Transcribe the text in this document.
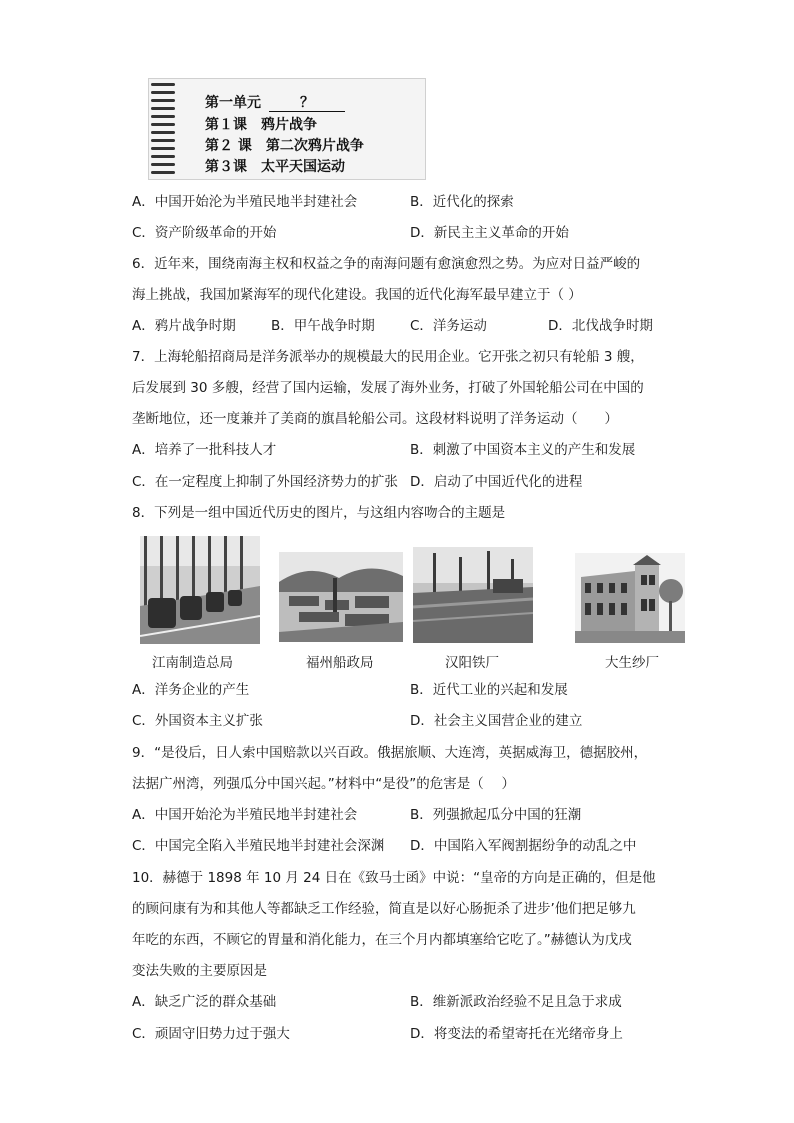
第一单元	？
第１课　鸦片战争
第２ 课　第二次鸦片战争
第３课　太平天国运动
A．中国开始沦为半殖民地半封建社会	B．近代化的探索
C．资产阶级革命的开始	D．新民主主义革命的开始
6．近年来，围绕南海主权和权益之争的南海问题有愈演愈烈之势。为应对日益严峻的
海上挑战，我国加紧海军的现代化建设。我国的近代化海军最早建立于（ ）
A．鸦片战争时期	B．甲午战争时期	C．洋务运动	D．北伐战争时期
7．上海轮船招商局是洋务派举办的规模最大的民用企业。它开张之初只有轮船 3 艘，
后发展到 30 多艘，经营了国内运输，发展了海外业务，打破了外国轮船公司在中国的
垄断地位，还一度兼并了美商的旗昌轮船公司。这段材料说明了洋务运动（　　）
A．培养了一批科技人才	B．刺激了中国资本主义的产生和发展
C．在一定程度上抑制了外国经济势力的扩张 D．启动了中国近代化的进程
8．下列是一组中国近代历史的图片，与这组内容吻合的主题是
江南制造总局	福州船政局	汉阳铁厂	大生纱厂
A．洋务企业的产生	B．近代工业的兴起和发展
C．外国资本主义扩张	D．社会主义国营企业的建立
9．“是役后，日人索中国赔款以兴百政。俄据旅顺、大连湾，英据威海卫，德据胶州，
法据广州湾，列强瓜分中国兴起。”材料中“是役”的危害是（　 ）
A．中国开始沦为半殖民地半封建社会	B．列强掀起瓜分中国的狂潮
C．中国完全陷入半殖民地半封建社会深渊 D．中国陷入军阀割据纷争的动乱之中
10．赫德于 1898 年 10 月 24 日在《致马士函》中说：“皇帝的方向是正确的，但是他
的顾问康有为和其他人等都缺乏工作经验，简直是以好心肠扼杀了进步’他们把足够九
年吃的东西，不顾它的胃量和消化能力，在三个月内都填塞给它吃了。”赫德认为戊戌
变法失败的主要原因是
A．缺乏广泛的群众基础	B．维新派政治经验不足且急于求成
C．顽固守旧势力过于强大	D．将变法的希望寄托在光绪帝身上
